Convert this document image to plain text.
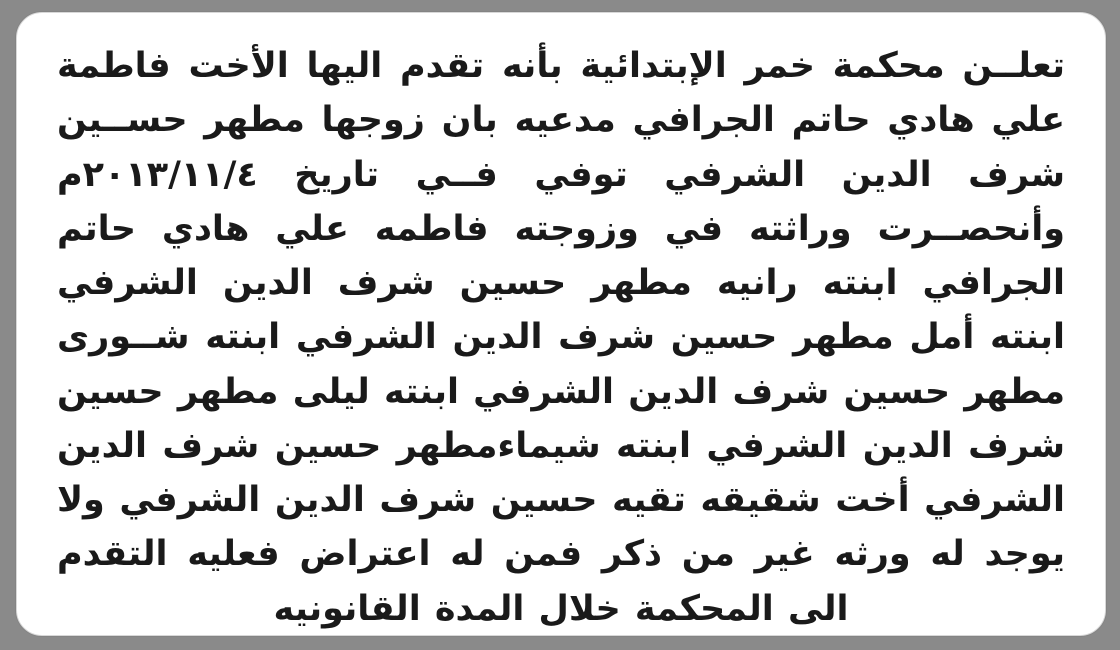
تعلــن محكمة خمر الإبتدائية بأنه تقدم اليها الأخت فاطمة علي هادي حاتم الجرافي مدعيه بان زوجها مطهر حســين شرف الدين الشرفي توفي فــي تاريخ ٢٠١٣/١١/٤م وأنحصــرت وراثته في وزوجته فاطمه علي هادي حاتم الجرافي ابنته رانيه مطهر حسين شرف الدين الشرفي ابنته أمل مطهر حسين شرف الدين الشرفي ابنته شــورى مطهر حسين شرف الدين الشرفي ابنته ليلى مطهر حسين شرف الدين الشرفي ابنته شيماءمطهر حسين شرف الدين الشرفي أخت شقيقه تقيه حسين شرف الدين الشرفي ولا يوجد له ورثه غير من ذكر فمن له اعتراض فعليه التقدم الى المحكمة خلال المدة القانونيه
